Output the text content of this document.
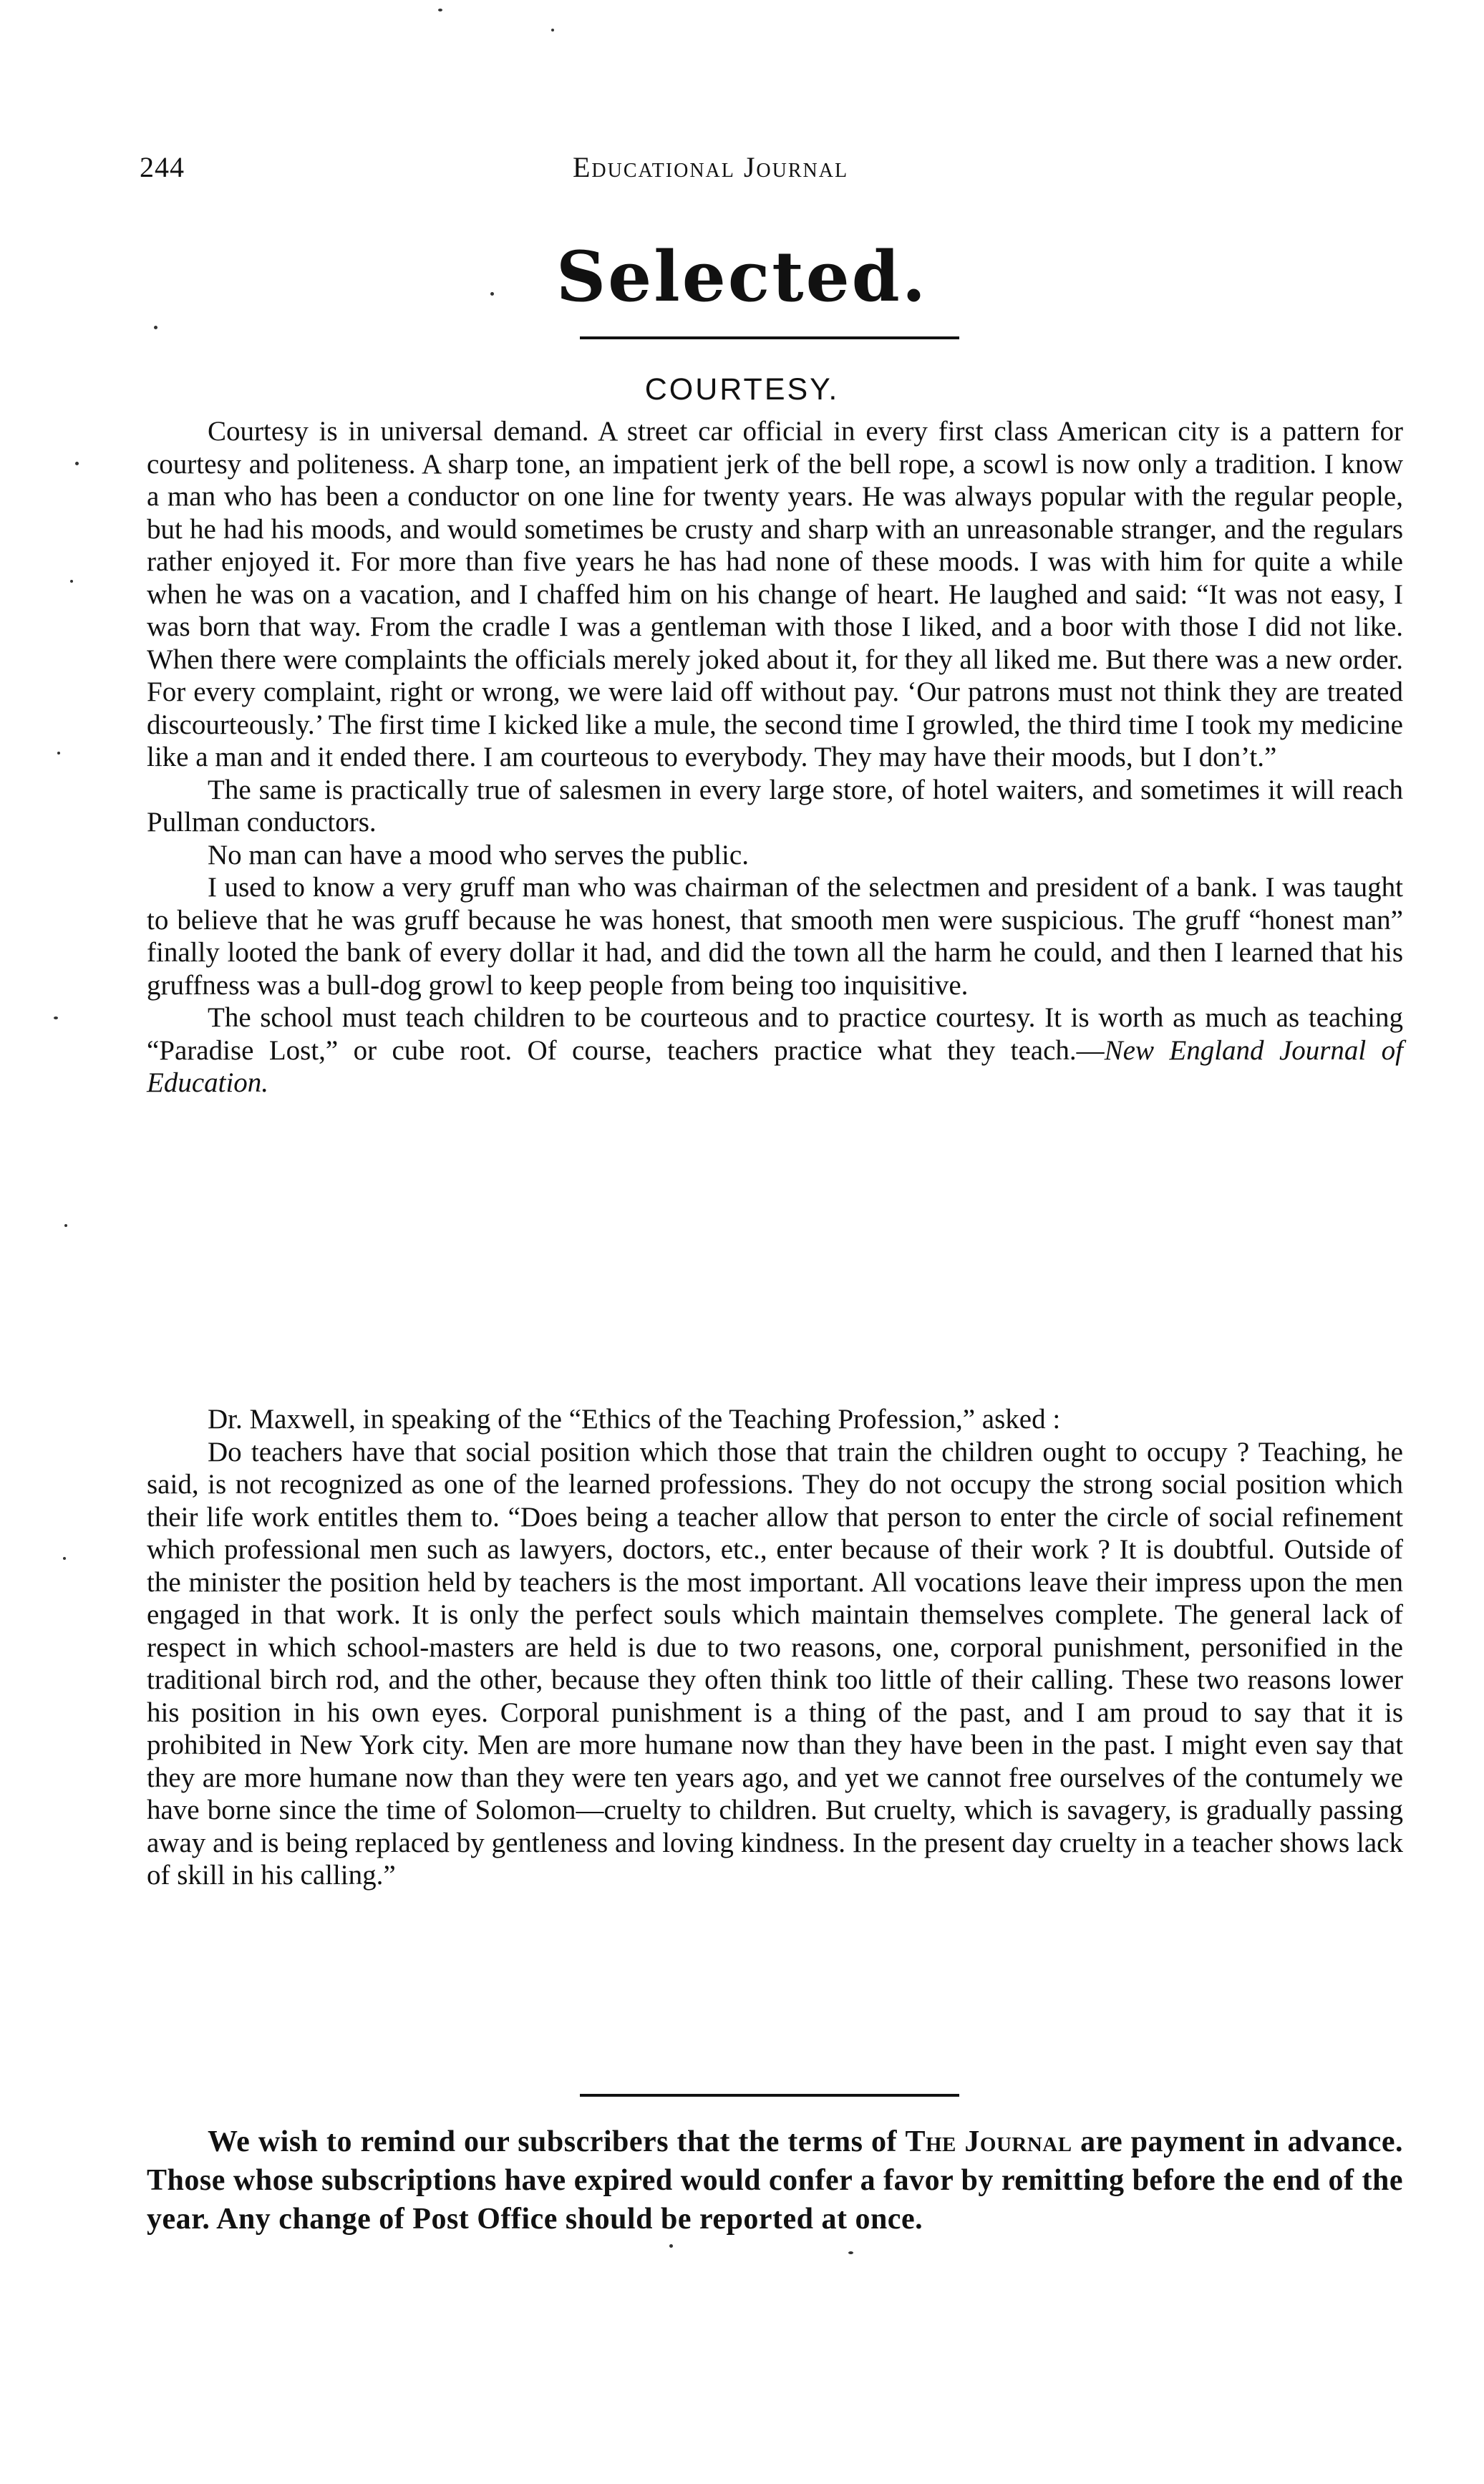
244	Educational Journal
Selected.
COURTESY.

Courtesy is in universal demand. A street car official in every first class American city is a pattern for courtesy and politeness. A sharp tone, an impatient jerk of the bell rope, a scowl is now only a tradition. I know a man who has been a conductor on one line for twenty years. He was always popular with the regular people, but he had his moods, and would sometimes be crusty and sharp with an unreasonable stranger, and the regulars rather enjoyed it. For more than five years he has had none of these moods. I was with him for quite a while when he was on a vacation, and I chaffed him on his change of heart. He laughed and said: “It was not easy, I was born that way. From the cradle I was a gentleman with those I liked, and a boor with those I did not like. When there were complaints the officials merely joked about it, for they all liked me. But there was a new order. For every complaint, right or wrong, we were laid off without pay. ‘Our patrons must not think they are treated discourteously.’ The first time I kicked like a mule, the second time I growled, the third time I took my medicine like a man and it ended there. I am courteous to everybody. They may have their moods, but I don’t.”

The same is practically true of salesmen in every large store, of hotel waiters, and sometimes it will reach Pullman conductors.

No man can have a mood who serves the public.

I used to know a very gruff man who was chairman of the selectmen and president of a bank. I was taught to believe that he was gruff because he was honest, that smooth men were suspicious. The gruff “honest man” finally looted the bank of every dollar it had, and did the town all the harm he could, and then I learned that his gruffness was a bull-dog growl to keep people from being too inquisitive.

The school must teach children to be courteous and to practice courtesy. It is worth as much as teaching “Paradise Lost,” or cube root. Of course, teachers practice what they teach.—New England Journal of Education.

Dr. Maxwell, in speaking of the “Ethics of the Teaching Profession,” asked :

Do teachers have that social position which those that train the children ought to occupy ? Teaching, he said, is not recognized as one of the learned professions. They do not occupy the strong social position which their life work entitles them to. “Does being a teacher allow that person to enter the circle of social refinement which professional men such as lawyers, doctors, etc., enter because of their work ? It is doubtful. Outside of the minister the position held by teachers is the most important. All vocations leave their impress upon the men engaged in that work. It is only the perfect souls which maintain themselves complete. The general lack of respect in which school-masters are held is due to two reasons, one, corporal punishment, personified in the traditional birch rod, and the other, because they often think too little of their calling. These two reasons lower his position in his own eyes. Corporal punishment is a thing of the past, and I am proud to say that it is prohibited in New York city. Men are more humane now than they have been in the past. I might even say that they are more humane now than they were ten years ago, and yet we cannot free ourselves of the contumely we have borne since the time of Solomon—cruelty to children. But cruelty, which is savagery, is gradually passing away and is being replaced by gentleness and loving kindness. In the present day cruelty in a teacher shows lack of skill in his calling.”

We wish to remind our subscribers that the terms of The Journal are payment in advance. Those whose subscriptions have expired would confer a favor by remitting before the end of the year. Any change of Post Office should be reported at once.
